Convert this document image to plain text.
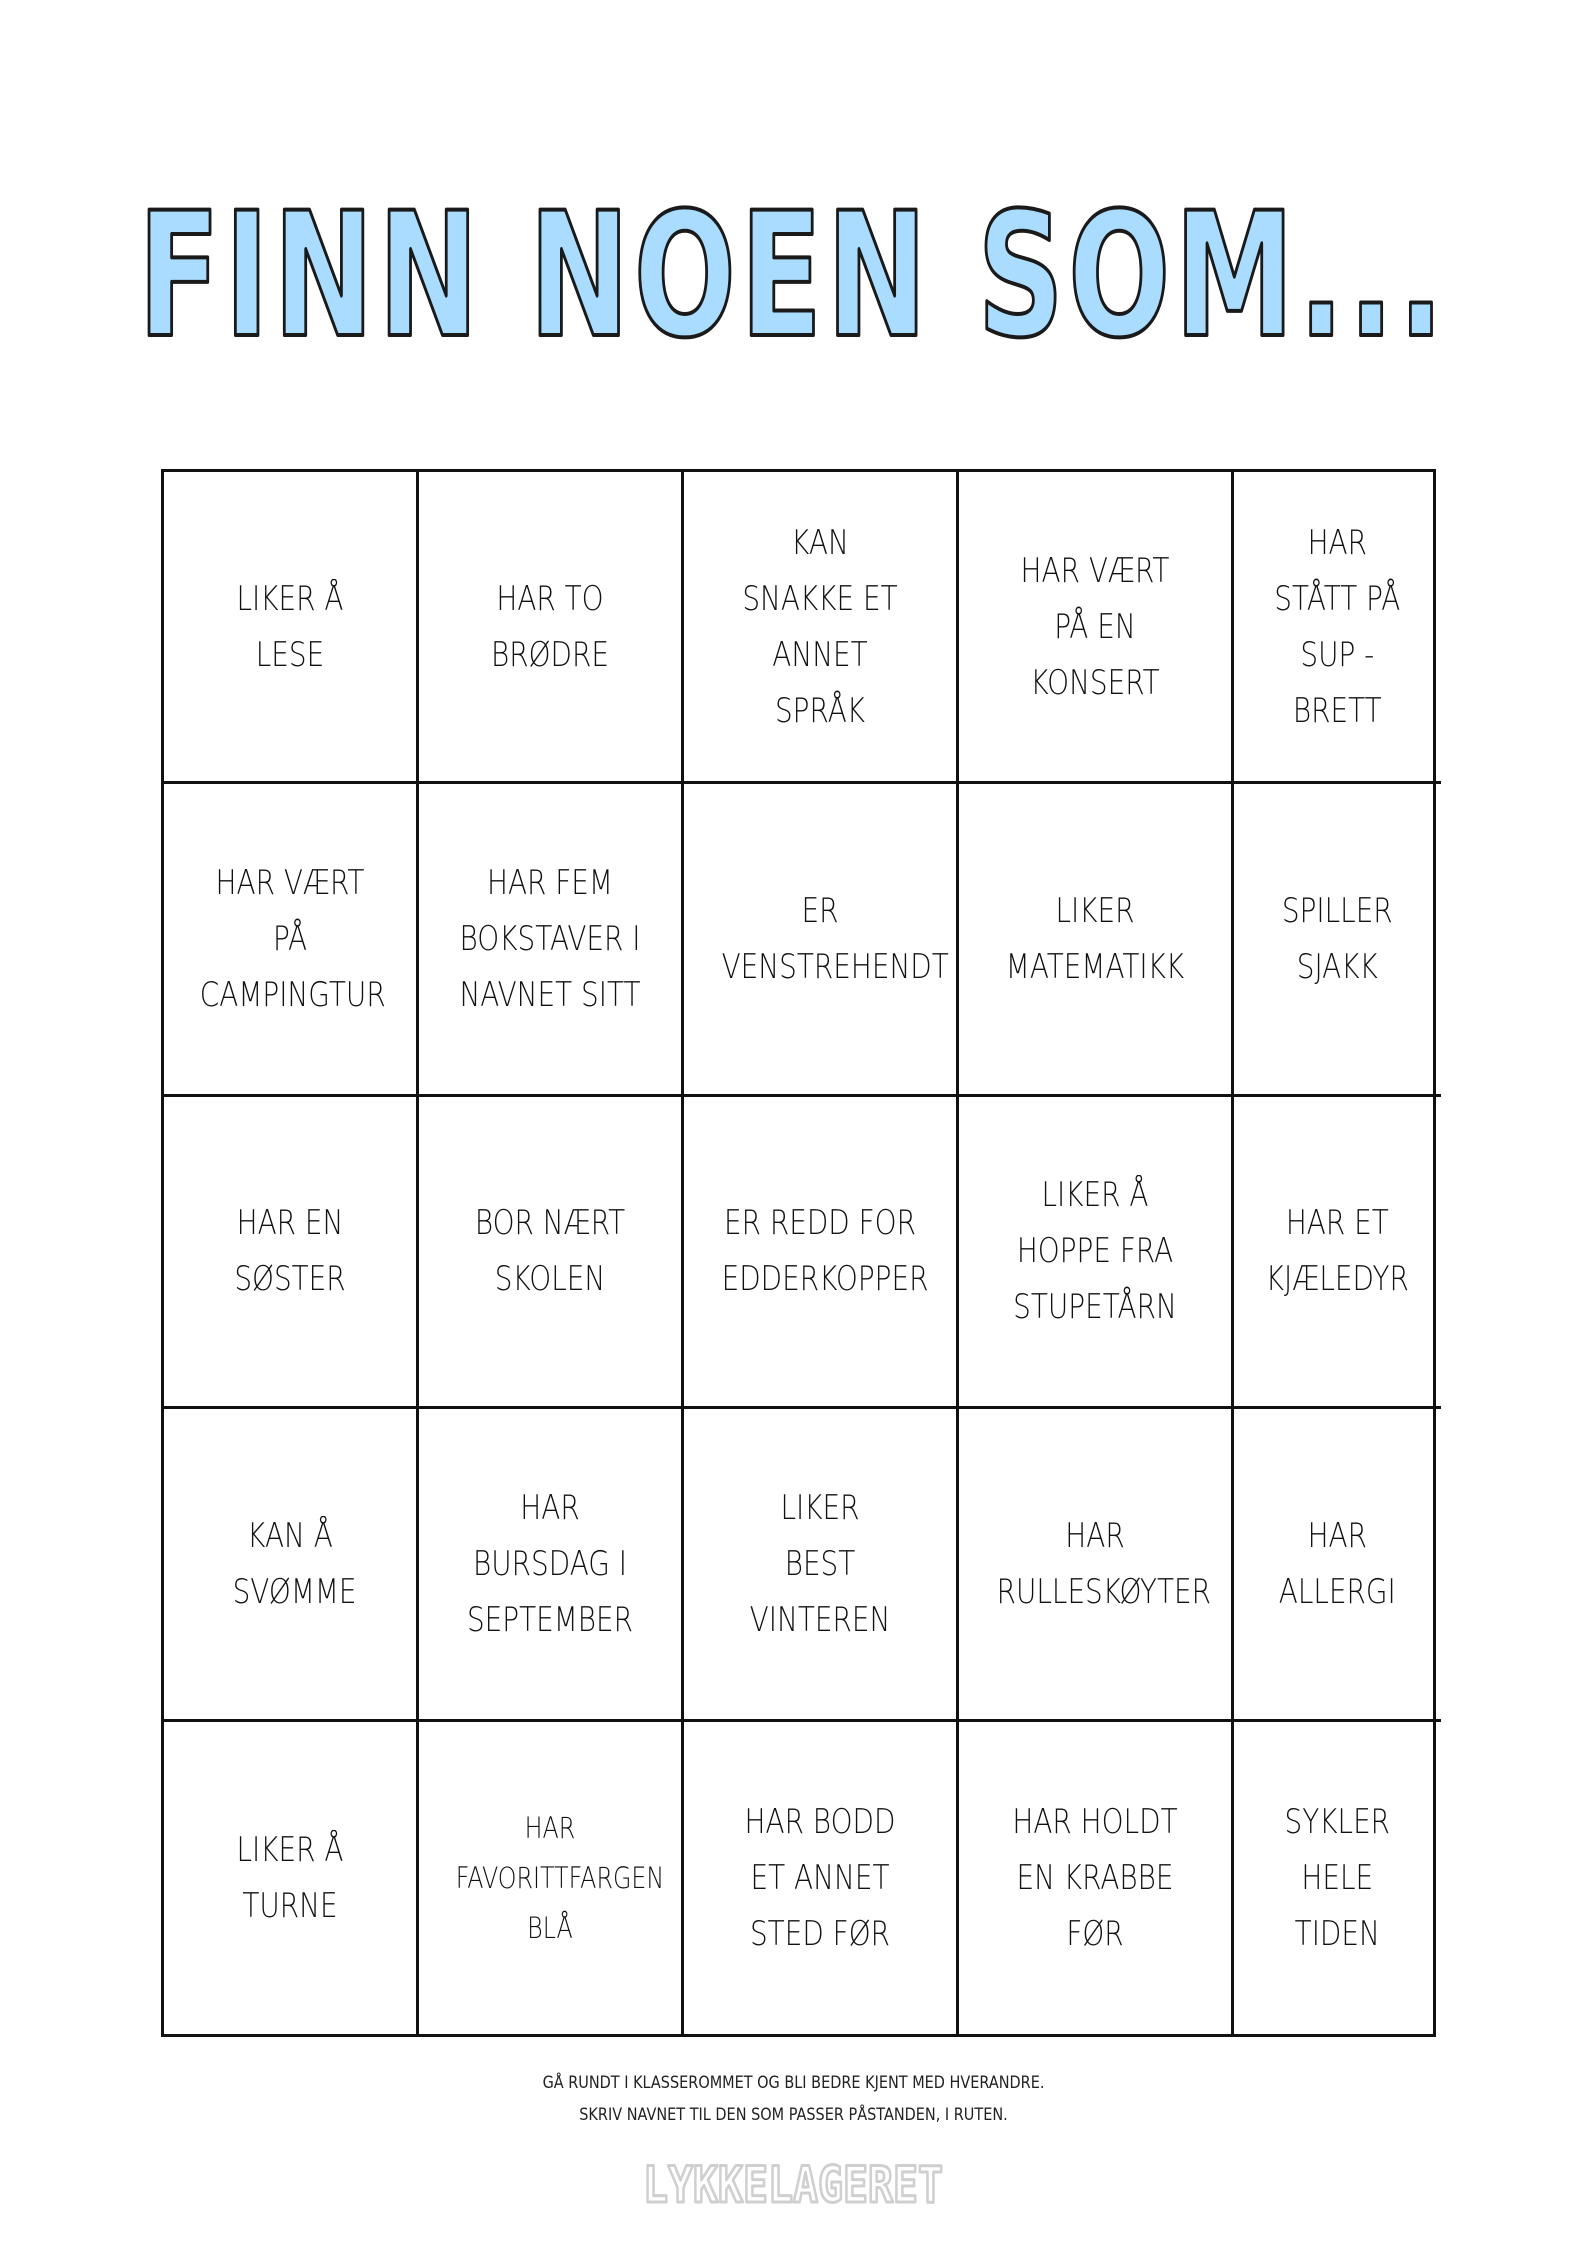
FINN NOEN SOM...
LIKER Å LESE
HAR TO BRØDRE
KAN SNAKKE ET ANNET SPRÅK
HAR VÆRT PÅ EN KONSERT
HAR STÅTT PÅ SUP - BRETT
HAR VÆRT PÅ CAMPINGTUR
HAR FEM BOKSTAVER I NAVNET SITT
ER VENSTREHENDT
LIKER MATEMATIKK
SPILLER SJAKK
HAR EN SØSTER
BOR NÆRT SKOLEN
ER REDD FOR EDDERKOPPER
LIKER Å HOPPE FRA STUPETÅRN
HAR ET KJÆLEDYR
KAN Å SVØMME
HAR BURSDAG I SEPTEMBER
LIKER BEST VINTEREN
HAR RULLESKØYTER
HAR ALLERGI
LIKER Å TURNE
HAR FAVORITTFARGEN BLÅ
HAR BODD ET ANNET STED FØR
HAR HOLDT EN KRABBE FØR
SYKLER HELE TIDEN
GÅ RUNDT I KLASSEROMMET OG BLI BEDRE KJENT MED HVERANDRE.
SKRIV NAVNET TIL DEN SOM PASSER PÅSTANDEN, I RUTEN.
LYKKELAGERET
